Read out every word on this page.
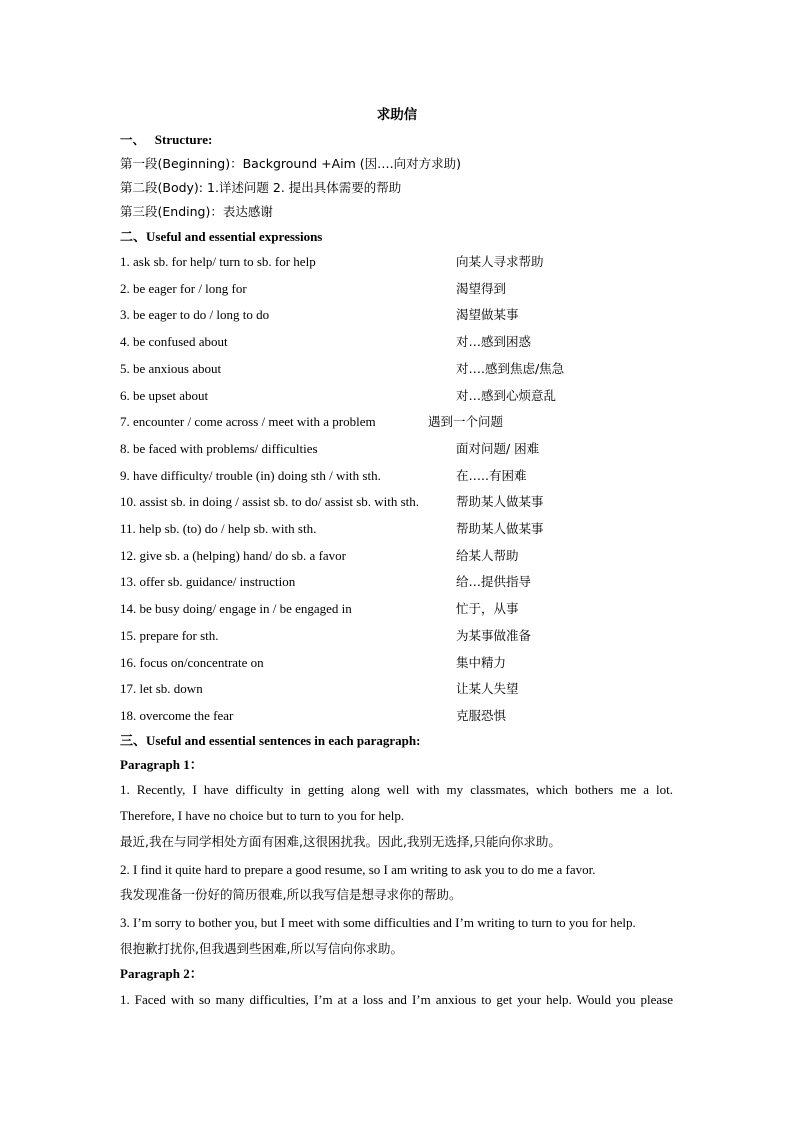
求助信
一、 Structure:
第一段(Beginning)：Background +Aim (因….向对方求助)
第二段(Body): 1.详述问题 2. 提出具体需要的帮助
第三段(Ending)：表达感谢
二、Useful and essential expressions
1. ask sb. for help/ turn to sb. for help	向某人寻求帮助
2. be eager for / long for	渴望得到
3. be eager to do / long to do	渴望做某事
4. be confused about	对…感到困惑
5. be anxious about	对….感到焦虑/焦急
6. be upset about	对…感到心烦意乱
7. encounter / come across / meet with a problem	遇到一个问题
8. be faced with problems/ difficulties	面对问题/ 困难
9. have difficulty/ trouble (in) doing sth / with sth.	在…..有困难
10. assist sb. in doing / assist sb. to do/ assist sb. with sth.	帮助某人做某事
11. help sb. (to) do / help sb. with sth.	帮助某人做某事
12. give sb. a (helping) hand/ do sb. a favor	给某人帮助
13. offer sb. guidance/ instruction	给…提供指导
14. be busy doing/ engage in / be engaged in	忙于，从事
15. prepare for sth.	为某事做准备
16. focus on/concentrate on	集中精力
17. let sb. down	让某人失望
18. overcome the fear	克服恐惧
三、Useful and essential sentences in each paragraph:
Paragraph 1：
1. Recently, I have difficulty in getting along well with my classmates, which bothers me a lot.
Therefore, I have no choice but to turn to you for help.
最近,我在与同学相处方面有困难,这很困扰我。因此,我别无选择,只能向你求助。
2. I find it quite hard to prepare a good resume, so I am writing to ask you to do me a favor.
我发现准备一份好的简历很难,所以我写信是想寻求你的帮助。
3. I’m sorry to bother you, but I meet with some difficulties and I’m writing to turn to you for help.
很抱歉打扰你,但我遇到些困难,所以写信向你求助。
Paragraph 2：
1. Faced with so many difficulties, I’m at a loss and I’m anxious to get your help. Would you please
